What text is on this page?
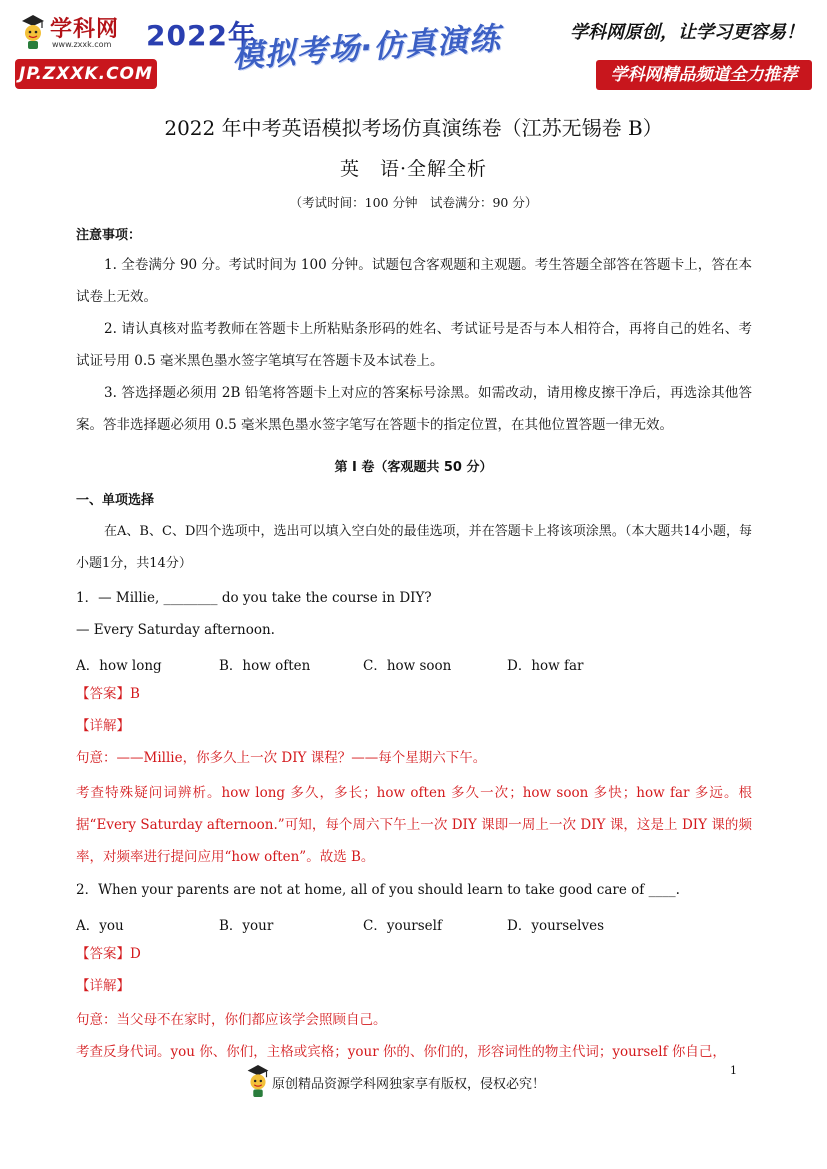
学科网
www.zxxk.com 2022年
模拟考场·仿真演练	学科网原创，让学习更容易！
JP.ZXXK.COM	学科网精品频道全力推荐
2022 年中考英语模拟考场仿真演练卷（江苏无锡卷 B）
英　语·全解全析
（考试时间：100 分钟　试卷满分：90 分）
注意事项：
1. 全卷满分 90 分。考试时间为 100 分钟。试题包含客观题和主观题。考生答题全部答在答题卡上，答在本试卷上无效。
2. 请认真核对监考教师在答题卡上所粘贴条形码的姓名、考试证号是否与本人相符合，再将自己的姓名、考试证号用 0.5 毫米黑色墨水签字笔填写在答题卡及本试卷上。
3. 答选择题必须用 2B 铅笔将答题卡上对应的答案标号涂黑。如需改动，请用橡皮擦干净后，再选涂其他答案。答非选择题必须用 0.5 毫米黑色墨水签字笔写在答题卡的指定位置，在其他位置答题一律无效。
第 I 卷（客观题共 50 分）
一、单项选择
在A、B、C、D四个选项中，选出可以填入空白处的最佳选项，并在答题卡上将该项涂黑。（本大题共14小题，每小题1分，共14分）
1．— Millie, ________ do you take the course in DIY?
— Every Saturday afternoon.
A．how long	B．how often	C．how soon	D．how far
【答案】B
【详解】
句意：——Millie，你多久上一次 DIY 课程？——每个星期六下午。
考查特殊疑问词辨析。how long 多久，多长；how often 多久一次；how soon 多快；how far 多远。根据“Every Saturday afternoon.”可知，每个周六下午上一次 DIY 课即一周上一次 DIY 课，这是上 DIY 课的频率，对频率进行提问应用“how often”。故选 B。
2．When your parents are not at home, all of you should learn to take good care of ____.
A．you	B．your	C．yourself	D．yourselves
【答案】D
【详解】
句意：当父母不在家时，你们都应该学会照顾自己。
考查反身代词。you 你、你们，主格或宾格；your 你的、你们的，形容词性的物主代词；yourself 你自己，
原创精品资源学科网独家享有版权，侵权必究！
1
